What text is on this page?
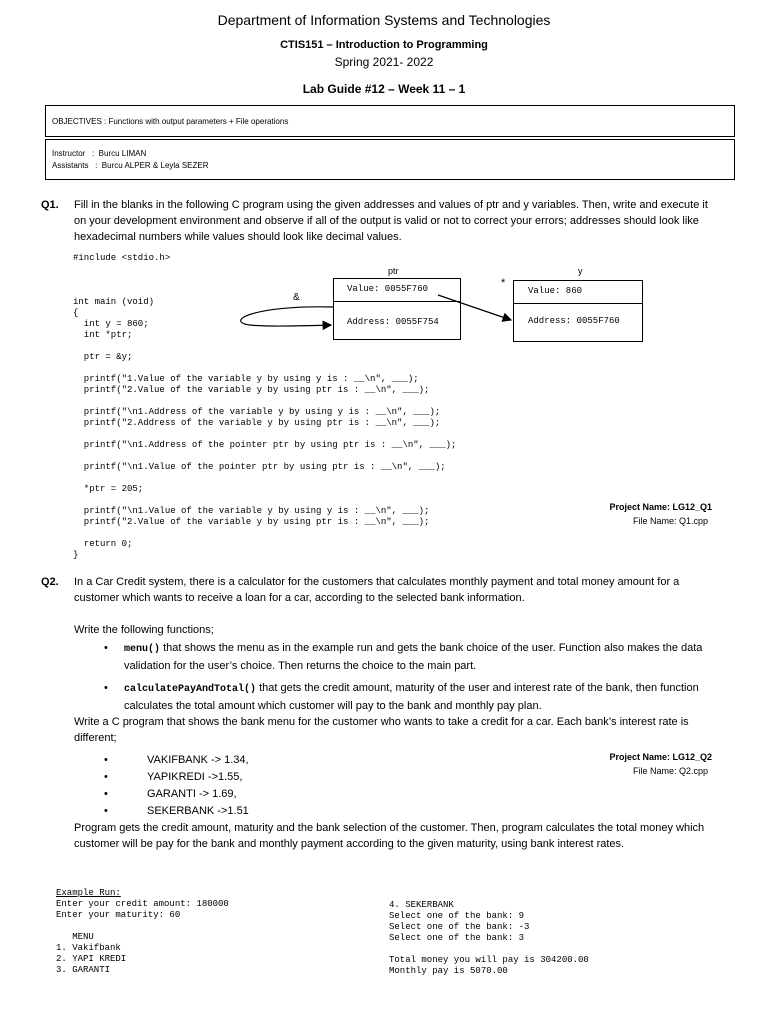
Department of Information Systems and Technologies
CTIS151 – Introduction to Programming
Spring 2021- 2022
Lab Guide #12 – Week 11 – 1
OBJECTIVES : Functions with output parameters + File operations
Instructor   :  Burcu LIMAN
Assistants   :  Burcu ALPER & Leyla SEZER
Q1. Fill in the blanks in the following C program using the given addresses and values of ptr and y variables. Then, write and execute it on your development environment and observe if all of the output is valid or not to correct your errors; addresses should look like hexadecimal numbers while values should look like decimal values.
#include <stdio.h>

int main (void)
{
int y = 860;
int *ptr;

ptr = &y;

printf("1.Value of the variable y by using y is : __\n", ___);
printf("2.Value of the variable y by using ptr is : __\n", ___);

printf("\n1.Address of the variable y by using y is : __\n", ___);
printf("2.Address of the variable y by using ptr is : __\n", ___);

printf("\n1.Address of the pointer ptr by using ptr is : __\n", ___);

printf("\n1.Value of the pointer ptr by using ptr is : __\n", ___);

*ptr = 205;

printf("\n1.Value of the variable y by using y is : __\n", ___);
printf("2.Value of the variable y by using ptr is : __\n", ___);

return 0;
}
ptr	y
&
*
Value: 0055F760
Address: 0055F754
Value: 860
Address: 0055F760
Project Name: LG12_Q1
File Name: Q1.cpp
Q2. In a Car Credit system, there is a calculator for the customers that calculates monthly payment and total money amount for a customer which wants to receive a loan for a car, according to the selected bank information.
Write the following functions;
• menu() that shows the menu as in the example run and gets the bank choice of the user. Function also makes the data validation for the user’s choice. Then returns the choice to the main part.
• calculatePayAndTotal() that gets the credit amount, maturity of the user and interest rate of the bank, then function calculates the total amount which customer will pay to the bank and monthly pay plan.
Write a C program that shows the bank menu for the customer who wants to take a credit for a car. Each bank’s interest rate is different;
•	VAKIFBANK -> 1.34,
•	YAPIKREDI ->1.55,
•	GARANTI -> 1.69,
•	SEKERBANK ->1.51
Project Name: LG12_Q2
File Name: Q2.cpp
Program gets the credit amount, maturity and the bank selection of the customer. Then, program calculates the total money which customer will be pay for the bank and monthly payment according to the given maturity, using bank interest rates.
Example Run:
Enter your credit amount: 180000
Enter your maturity: 60

MENU
1. Vakifbank
2. YAPI KREDI
3. GARANTI
4. SEKERBANK
Select one of the bank: 9
Select one of the bank: -3
Select one of the bank: 3

Total money you will pay is 304200.00
Monthly pay is 5070.00
